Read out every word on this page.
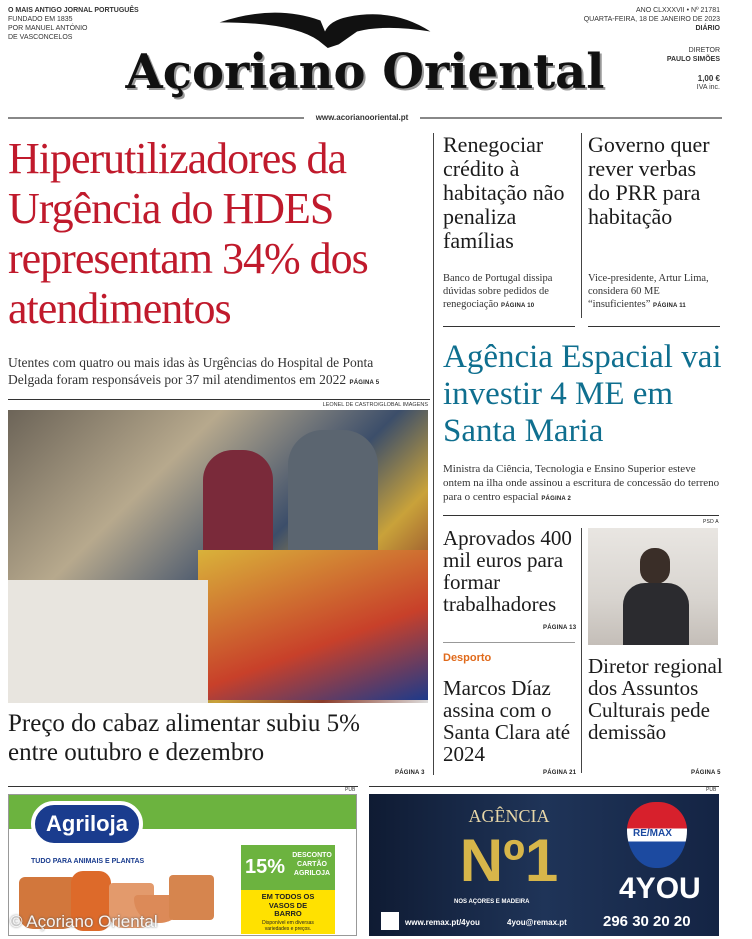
O MAIS ANTIGO JORNAL PORTUGUÊS
FUNDADO EM 1835
POR MANUEL ANTÓNIO
DE VASCONCELOS
Açoriano Oriental
ANO CLXXXVII • Nº 21781
QUARTA-FEIRA, 18 DE JANEIRO DE 2023
DIÁRIO
DIRETOR
PAULO SIMÕES
1,00 €
IVA inc.
www.acorianooriental.pt
Hiperutilizadores da Urgência do HDES representam 34% dos atendimentos
Utentes com quatro ou mais idas às Urgências do Hospital de Ponta Delgada foram responsáveis por 37 mil atendimentos em 2022 PÁGINA 5
LEONEL DE CASTRO/GLOBAL IMAGENS
Preço do cabaz alimentar subiu 5% entre outubro e dezembro
PÁGINA 3
Renegociar crédito à habitação não penaliza famílias
Banco de Portugal dissipa dúvidas sobre pedidos de renegociação PÁGINA 10
Governo quer rever verbas do PRR para habitação
Vice-presidente, Artur Lima, considera 60 ME “insuficientes” PÁGINA 11
Agência Espacial vai investir 4 ME em Santa Maria
Ministra da Ciência, Tecnologia e Ensino Superior esteve ontem na ilha onde assinou a escritura de concessão do terreno para o centro espacial PÁGINA 2
Aprovados 400 mil euros para formar trabalhadores
PÁGINA 13
Desporto
Marcos Díaz assina com o Santa Clara até 2024
PÁGINA 21
PSD A
Diretor regional dos Assuntos Culturais pede demissão
PÁGINA 5
PUB	PUB
Agriloja
TUDO PARA ANIMAIS E PLANTAS	15%
DESCONTO CARTÃO AGRILOJA
EM TODOS OS VASOS DE BARRO
Disponível em diversas variedades e preços.
AGÊNCIA
Nº1
NOS AÇORES E MADEIRA
RE/MAX
4YOU
www.remax.pt/4you	4you@remax.pt 296 30 20 20
© Açoriano Oriental
